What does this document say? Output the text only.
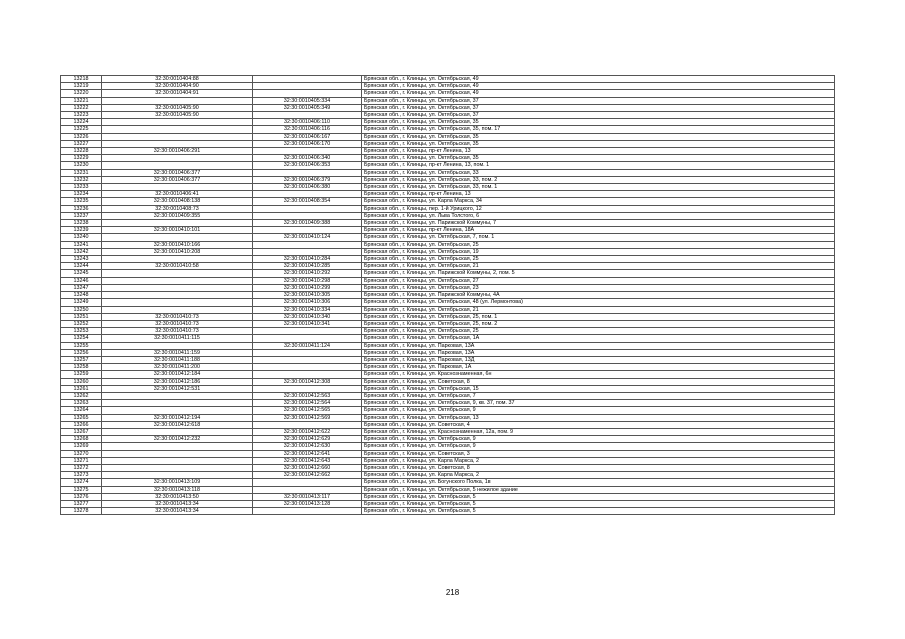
13218	32:30:0010404:88		Брянская обл., г. Клинцы, ул. Октябрьская, 49
13219	32:30:0010404:90		Брянская обл., г. Клинцы, ул. Октябрьская, 49
13220	32:30:0010404:91		Брянская обл., г. Клинцы, ул. Октябрьская, 49
13221		32:30:0010405:334	Брянская обл., г. Клинцы, ул. Октябрьская, 37
13222	32:30:0010405:90	32:30:0010405:349	Брянская обл., г. Клинцы, ул. Октябрьская, 37
13223	32:30:0010405:90		Брянская обл., г. Клинцы, ул. Октябрьская, 37
13224		32:30:0010406:110	Брянская обл., г. Клинцы, ул. Октябрьская, 35
13225		32:30:0010406:116	Брянская обл., г. Клинцы, ул. Октябрьская, 35, пом. 17
13226		32:30:0010406:167	Брянская обл., г. Клинцы, ул. Октябрьская, 35
13227		32:30:0010406:170	Брянская обл., г. Клинцы, ул. Октябрьская, 35
13228	32:30:0010406:291		Брянская обл., г. Клинцы, пр-кт Ленина, 13
13229		32:30:0010406:340	Брянская обл., г. Клинцы, ул. Октябрьская, 35
13230		32:30:0010406:353	Брянская обл., г. Клинцы, пр-кт Ленина, 13, пом. 1
13231	32:30:0010406:377		Брянская обл., г. Клинцы, ул. Октябрьская, 33
13232	32:30:0010406:377	32:30:0010406:379	Брянская обл., г. Клинцы, ул. Октябрьская, 33, пом. 2
13233		32:30:0010406:380	Брянская обл., г. Клинцы, ул. Октябрьская, 33, пом. 1
13234	32:30:0010406:41		Брянская обл., г. Клинцы, пр-кт Ленина, 13
13235	32:30:0010408:138	32:30:0010408:354	Брянская обл., г. Клинцы, ул. Карла Маркса, 34
13236	32:30:0010408:73		Брянская обл., г. Клинцы, пер. 1-й Урицкого, 12
13237	32:30:0010409:355		Брянская обл., г. Клинцы, ул. Льва Толстого, 6
13238		32:30:0010409:388	Брянская обл., г. Клинцы, ул. Парижской Коммуны, 7
13239	32:30:0010410:101		Брянская обл., г. Клинцы, пр-кт Ленина, 18А
13240		32:30:0010410:124	Брянская обл., г. Клинцы, ул. Октябрьская, 7, пом. 1
13241	32:30:0010410:166		Брянская обл., г. Клинцы, ул. Октябрьская, 25
13242	32:30:0010410:208		Брянская обл., г. Клинцы, ул. Октябрьская, 19
13243		32:30:0010410:284	Брянская обл., г. Клинцы, ул. Октябрьская, 25
13244	32:30:0010410:58	32:30:0010410:285	Брянская обл., г. Клинцы, ул. Октябрьская, 21
13245		32:30:0010410:292	Брянская обл., г. Клинцы, ул. Парижской Коммуны, 2, пом. 5
13246		32:30:0010410:298	Брянская обл., г. Клинцы, ул. Октябрьская, 27
13247		32:30:0010410:299	Брянская обл., г. Клинцы, ул. Октябрьская, 23
13248		32:30:0010410:305	Брянская обл., г. Клинцы, ул. Парижской Коммуны, 4А
13249		32:30:0010410:306	Брянская обл., г. Клинцы, ул. Октябрьская, 48 (ул. Лермонтова)
13250		32:30:0010410:334	Брянская обл., г. Клинцы, ул. Октябрьская, 21
13251	32:30:0010410:73	32:30:0010410:340	Брянская обл., г. Клинцы, ул. Октябрьская, 25, пом. 1
13252	32:30:0010410:73	32:30:0010410:341	Брянская обл., г. Клинцы, ул. Октябрьская, 25, пом. 2
13253	32:30:0010410:73		Брянская обл., г. Клинцы, ул. Октябрьская, 25
13254	32:30:0010411:115		Брянская обл., г. Клинцы, ул. Октябрьская, 1А
13255		32:30:0010411:124	Брянская обл., г. Клинцы, ул. Парковая, 13А
13256	32:30:0010411:159		Брянская обл., г. Клинцы, ул. Парковая, 13А
13257	32:30:0010411:188		Брянская обл., г. Клинцы, ул. Парковая, 13Д
13258	32:30:0010411:200		Брянская обл., г. Клинцы, ул. Парковая, 1А
13259	32:30:0010412:184		Брянская обл., г. Клинцы, ул. Краснознаменная, 6н
13260	32:30:0010412:186	32:30:0010412:308	Брянская обл., г. Клинцы, ул. Советская, 8
13261	32:30:0010412:531		Брянская обл., г. Клинцы, ул. Октябрьская, 15
13262		32:30:0010412:563	Брянская обл., г. Клинцы, ул. Октябрьская, 7
13263		32:30:0010412:564	Брянская обл., г. Клинцы, ул. Октябрьская, 9, кв. 37, пом. 37
13264		32:30:0010412:565	Брянская обл., г. Клинцы, ул. Октябрьская, 9
13265	32:30:0010412:194	32:30:0010412:569	Брянская обл., г. Клинцы, ул. Октябрьская, 13
13266	32:30:0010412:618		Брянская обл., г. Клинцы, ул. Советская, 4
13267		32:30:0010412:622	Брянская обл., г. Клинцы, ул. Краснознаменная, 12а, пом. 9
13268	32:30:0010412:232	32:30:0010412:629	Брянская обл., г. Клинцы, ул. Октябрьская, 9
13269		32:30:0010412:630	Брянская обл., г. Клинцы, ул. Октябрьская, 9
13270		32:30:0010412:641	Брянская обл., г. Клинцы, ул. Советская, 3
13271		32:30:0010412:643	Брянская обл., г. Клинцы, ул. Карла Маркса, 2
13272		32:30:0010412:660	Брянская обл., г. Клинцы, ул. Советская, 8
13273		32:30:0010412:662	Брянская обл., г. Клинцы, ул. Карла Маркса, 2
13274	32:30:0010413:109		Брянская обл., г. Клинцы, ул. Богунского Полка, 1в
13275	32:30:0010413:118		Брянская обл., г. Клинцы, ул. Октябрьская, 5 нежилое здание
13276	32:30:0010413:50	32:30:0010413:117	Брянская обл., г. Клинцы, ул. Октябрьская, 5
13277	32:30:0010413:34	32:30:0010413:128	Брянская обл., г. Клинцы, ул. Октябрьская, 5
13278	32:30:0010413:34		Брянская обл., г. Клинцы, ул. Октябрьская, 5
218
